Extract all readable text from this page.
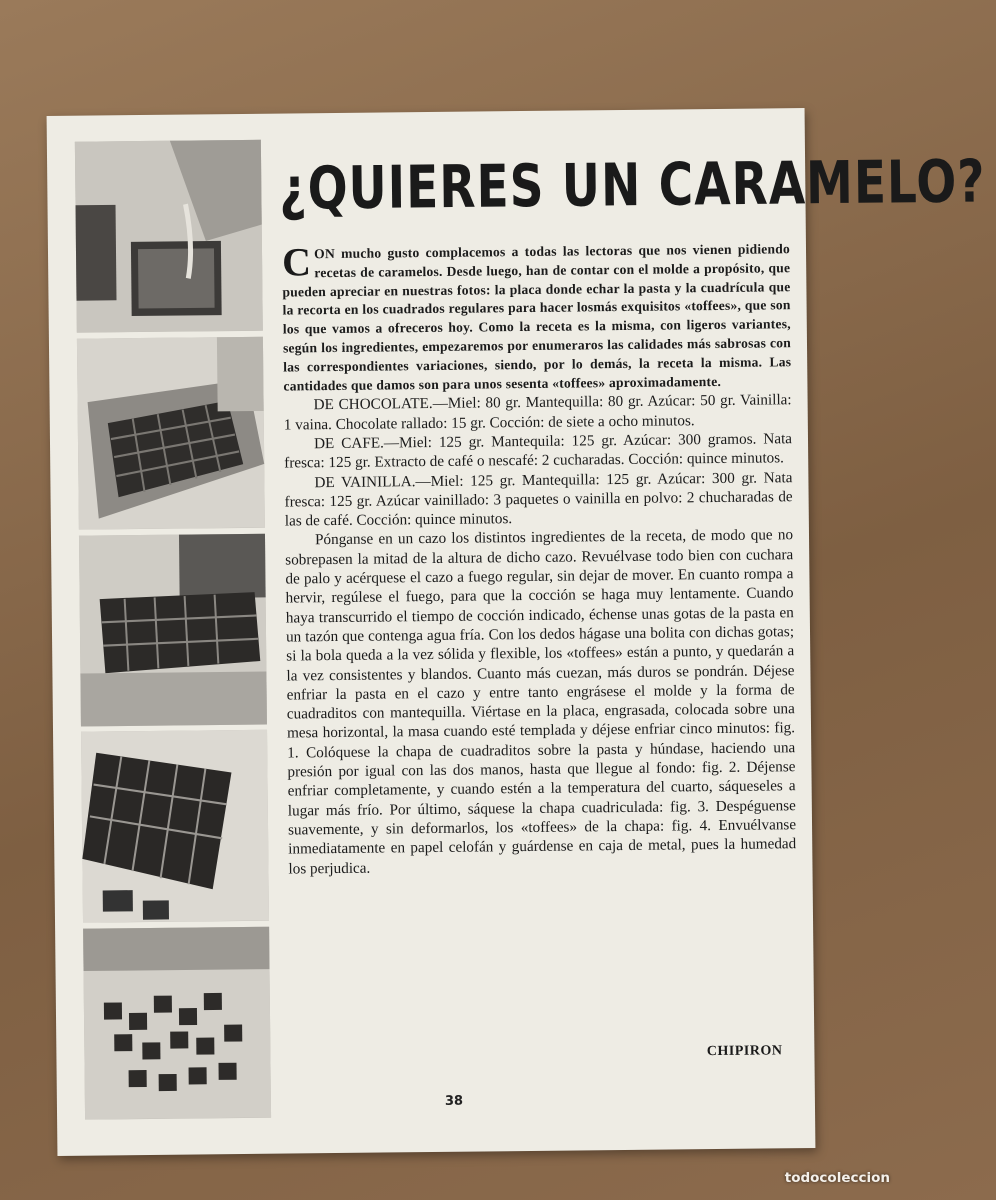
¿QUIERES UN CARAMELO?

CON mucho gusto complacemos a todas las lectoras que nos vienen pidiendo recetas de caramelos. Desde luego, han de contar con el molde a propósito, que pueden apreciar en nuestras fotos: la placa donde echar la pasta y la cuadrícula que la recorta en los cuadrados regulares para hacer losmás exquisitos «toffees», que son los que vamos a ofreceros hoy. Como la receta es la misma, con ligeros variantes, según los ingredientes, empezaremos por enumeraros las calidades más sabrosas con las correspondientes variaciones, siendo, por lo demás, la receta la misma. Las cantidades que damos son para unos sesenta «toffees» aproximadamente.

DE CHOCOLATE.—Miel: 80 gr. Mantequilla: 80 gr. Azúcar: 50 gr. Vainilla: 1 vaina. Chocolate rallado: 15 gr. Cocción: de siete a ocho minutos.

DE CAFE.—Miel: 125 gr. Mantequila: 125 gr. Azúcar: 300 gramos. Nata fresca: 125 gr. Extracto de café o nescafé: 2 cucharadas. Cocción: quince minutos.

DE VAINILLA.—Miel: 125 gr. Mantequilla: 125 gr. Azúcar: 300 gr. Nata fresca: 125 gr. Azúcar vainillado: 3 paquetes o vainilla en polvo: 2 chucharadas de las de café. Cocción: quince minutos.

Pónganse en un cazo los distintos ingredientes de la receta, de modo que no sobrepasen la mitad de la altura de dicho cazo. Revuélvase todo bien con cuchara de palo y acérquese el cazo a fuego regular, sin dejar de mover. En cuanto rompa a hervir, regúlese el fuego, para que la cocción se haga muy lentamente. Cuando haya transcurrido el tiempo de cocción indicado, échense unas gotas de la pasta en un tazón que contenga agua fría. Con los dedos hágase una bolita con dichas gotas; si la bola queda a la vez sólida y flexible, los «toffees» están a punto, y quedarán a la vez consistentes y blandos. Cuanto más cuezan, más duros se pondrán. Déjese enfriar la pasta en el cazo y entre tanto engrásese el molde y la forma de cuadraditos con mantequilla. Viértase en la placa, engrasada, colocada sobre una mesa horizontal, la masa cuando esté templada y déjese enfriar cinco minutos: fig. 1. Colóquese la chapa de cuadraditos sobre la pasta y húndase, haciendo una presión por igual con las dos manos, hasta que llegue al fondo: fig. 2. Déjense enfriar completamente, y cuando estén a la temperatura del cuarto, sáqueseles a lugar más frío. Por último, sáquese la chapa cuadriculada: fig. 3. Despéguense suavemente, y sin deformarlos, los «toffees» de la chapa: fig. 4. Envuélvanse inmediatamente en papel celofán y guárdense en caja de metal, pues la humedad los perjudica.

CHIPIRON
38
todocoleccion
